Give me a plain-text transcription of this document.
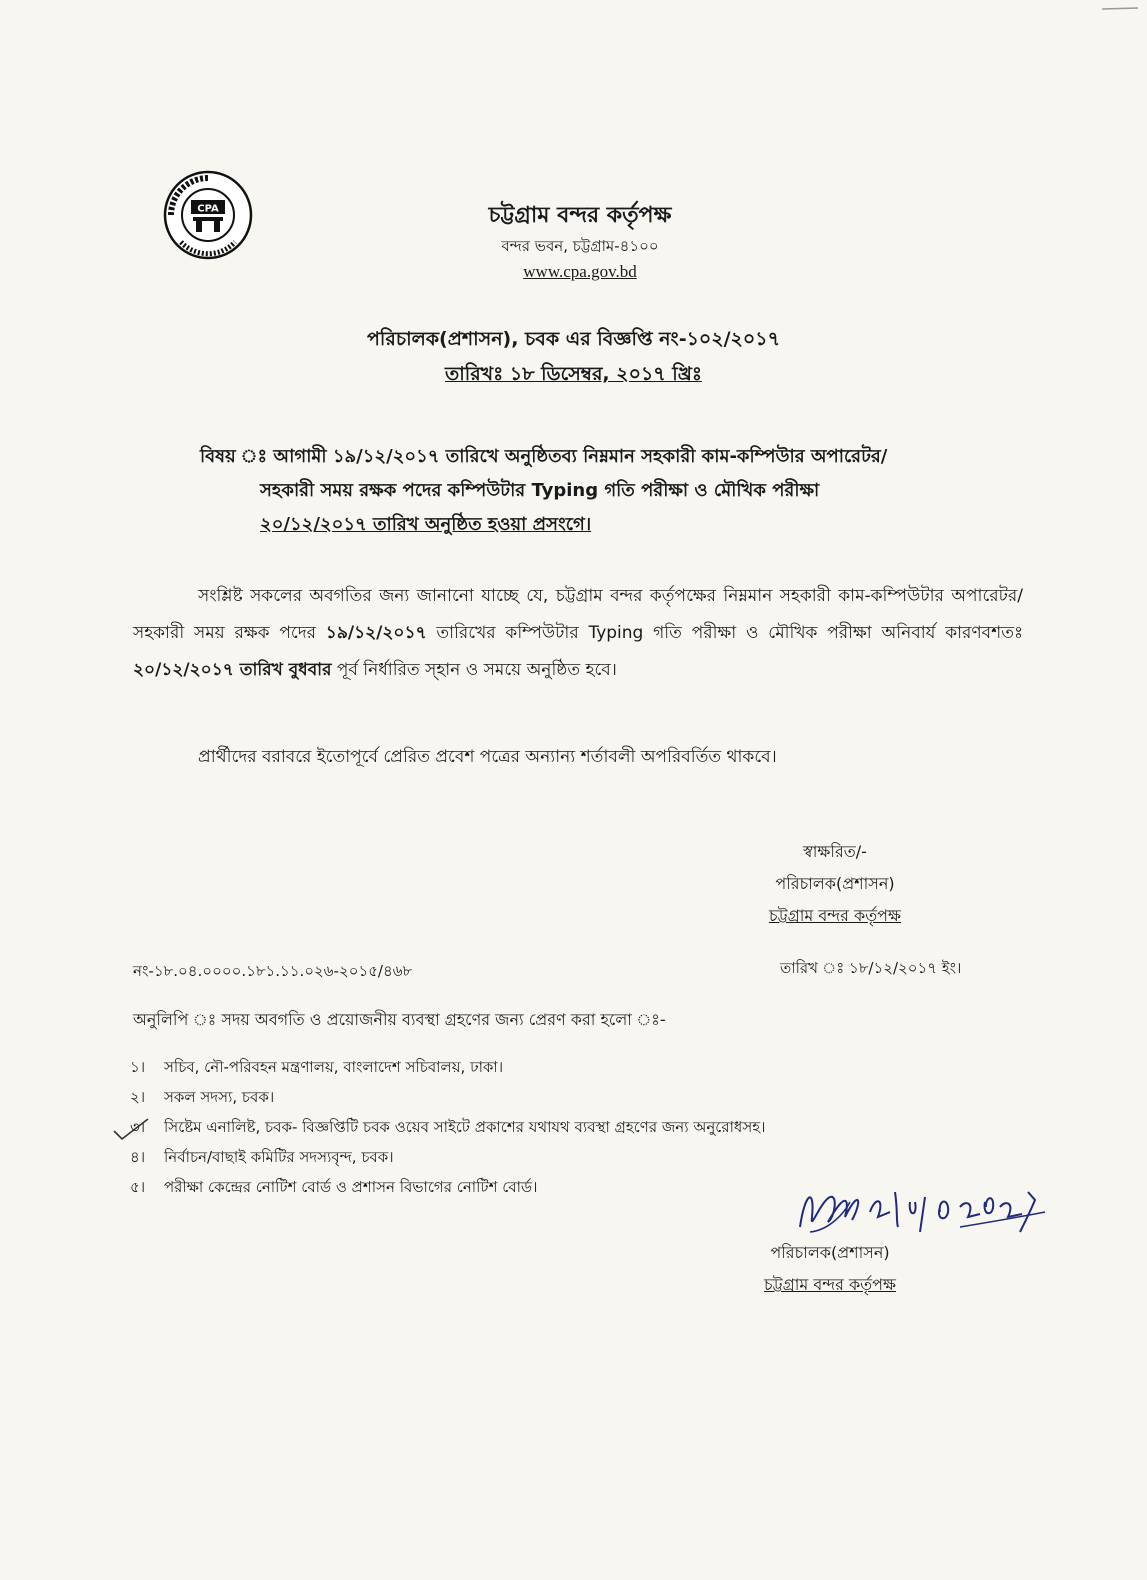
CPA	চট্টগ্রাম বন্দর কর্তৃপক্ষ
বন্দর ভবন, চট্টগ্রাম-৪১০০
www.cpa.gov.bd
পরিচালক(প্রশাসন), চবক এর বিজ্ঞপ্তি নং-১০২/২০১৭
তারিখঃ ১৮ ডিসেম্বর, ২০১৭ খ্রিঃ
বিষয় ঃ আগামী ১৯/১২/২০১৭ তারিখে অনুষ্ঠিতব্য নিম্নমান সহকারী কাম-কম্পিউার অপারেটর/
সহকারী সময় রক্ষক পদের কম্পিউটার Typing গতি পরীক্ষা ও মৌখিক পরীক্ষা
২০/১২/২০১৭ তারিখ অনুষ্ঠিত হওয়া প্রসংগে।
সংশ্লিষ্ট সকলের অবগতির জন্য জানানো যাচ্ছে যে, চট্টগ্রাম বন্দর কর্তৃপক্ষের নিম্নমান সহকারী কাম-কম্পিউটার অপারেটর/সহকারী সময় রক্ষক পদের ১৯/১২/২০১৭ তারিখের কম্পিউটার Typing গতি পরীক্ষা ও মৌখিক পরীক্ষা অনিবার্য কারণবশতঃ ২০/১২/২০১৭ তারিখ বুধবার পূর্ব নির্ধারিত স্হান ও সময়ে অনুষ্ঠিত হবে।
প্রার্থীদের বরাবরে ইতোপূর্বে প্রেরিত প্রবেশ পত্রের অন্যান্য শর্তাবলী অপরিবর্তিত থাকবে।
স্বাক্ষরিত/-
পরিচালক(প্রশাসন)
চট্টগ্রাম বন্দর কর্তৃপক্ষ
নং-১৮.০৪.০০০০.১৮১.১১.০২৬-২০১৫/৪৬৮	তারিখ ঃ ১৮/১২/২০১৭ ইং।
অনুলিপি ঃ সদয় অবগতি ও প্রয়োজনীয় ব্যবস্থা গ্রহণের জন্য প্রেরণ করা হলো ঃ-
১। সচিব, নৌ-পরিবহন মন্ত্রণালয়, বাংলাদেশ সচিবালয়, ঢাকা।
২। সকল সদস্য, চবক।
৩। সিষ্টেম এনালিষ্ট, চবক- বিজ্ঞপ্তিটি চবক ওয়েব সাইটে প্রকাশের যথাযথ ব্যবস্থা গ্রহণের জন্য অনুরোধসহ।
৪। নির্বাচন/বাছাই কমিটির সদস্যবৃন্দ, চবক।
৫। পরীক্ষা কেন্দ্রের নোটিশ বোর্ড ও প্রশাসন বিভাগের নোটিশ বোর্ড।
পরিচালক(প্রশাসন)
চট্টগ্রাম বন্দর কর্তৃপক্ষ
